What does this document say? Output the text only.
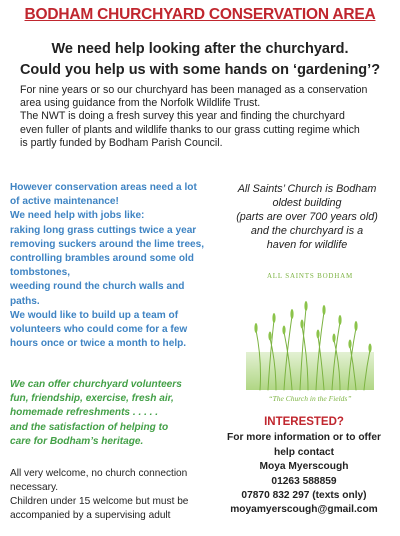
BODHAM CHURCHYARD CONSERVATION AREA
We need help looking after the churchyard.
Could you help us with some hands on ‘gardening’?

For nine years or so our churchyard has been managed as a conservation

area using guidance from the Norfolk Wildlife Trust.

The NWT is doing a fresh survey this year and finding the churchyard

even fuller of plants and wildlife thanks to our grass cutting regime which

is partly funded by Bodham Parish Council.

However conservation areas need a lot

of active maintenance!

We need help with jobs like:

raking long grass cuttings twice a year

removing suckers around the lime trees,

controlling brambles around some old

tombstones,

weeding round the church walls and

paths.

We would like to build up a team of

volunteers who could come for a few

hours once or twice a month to help.

We can offer churchyard volunteers

fun, friendship, exercise, fresh air,

homemade refreshments . . . . .

and the satisfaction of helping to

care for Bodham’s heritage.

All very welcome, no church connection

necessary.

Children under 15 welcome but must be

accompanied by a supervising adult

All Saints’ Church is Bodham

oldest building

(parts are over 700 years old)

and the churchyard is a

haven for wildlife

ALL SAINTS BODHAM
“The Church in the Fields”

INTERESTED?

For more information or to offer

help contact

Moya Myerscough

01263 588859

07870 832 297 (texts only)

moyamyerscough@gmail.com
